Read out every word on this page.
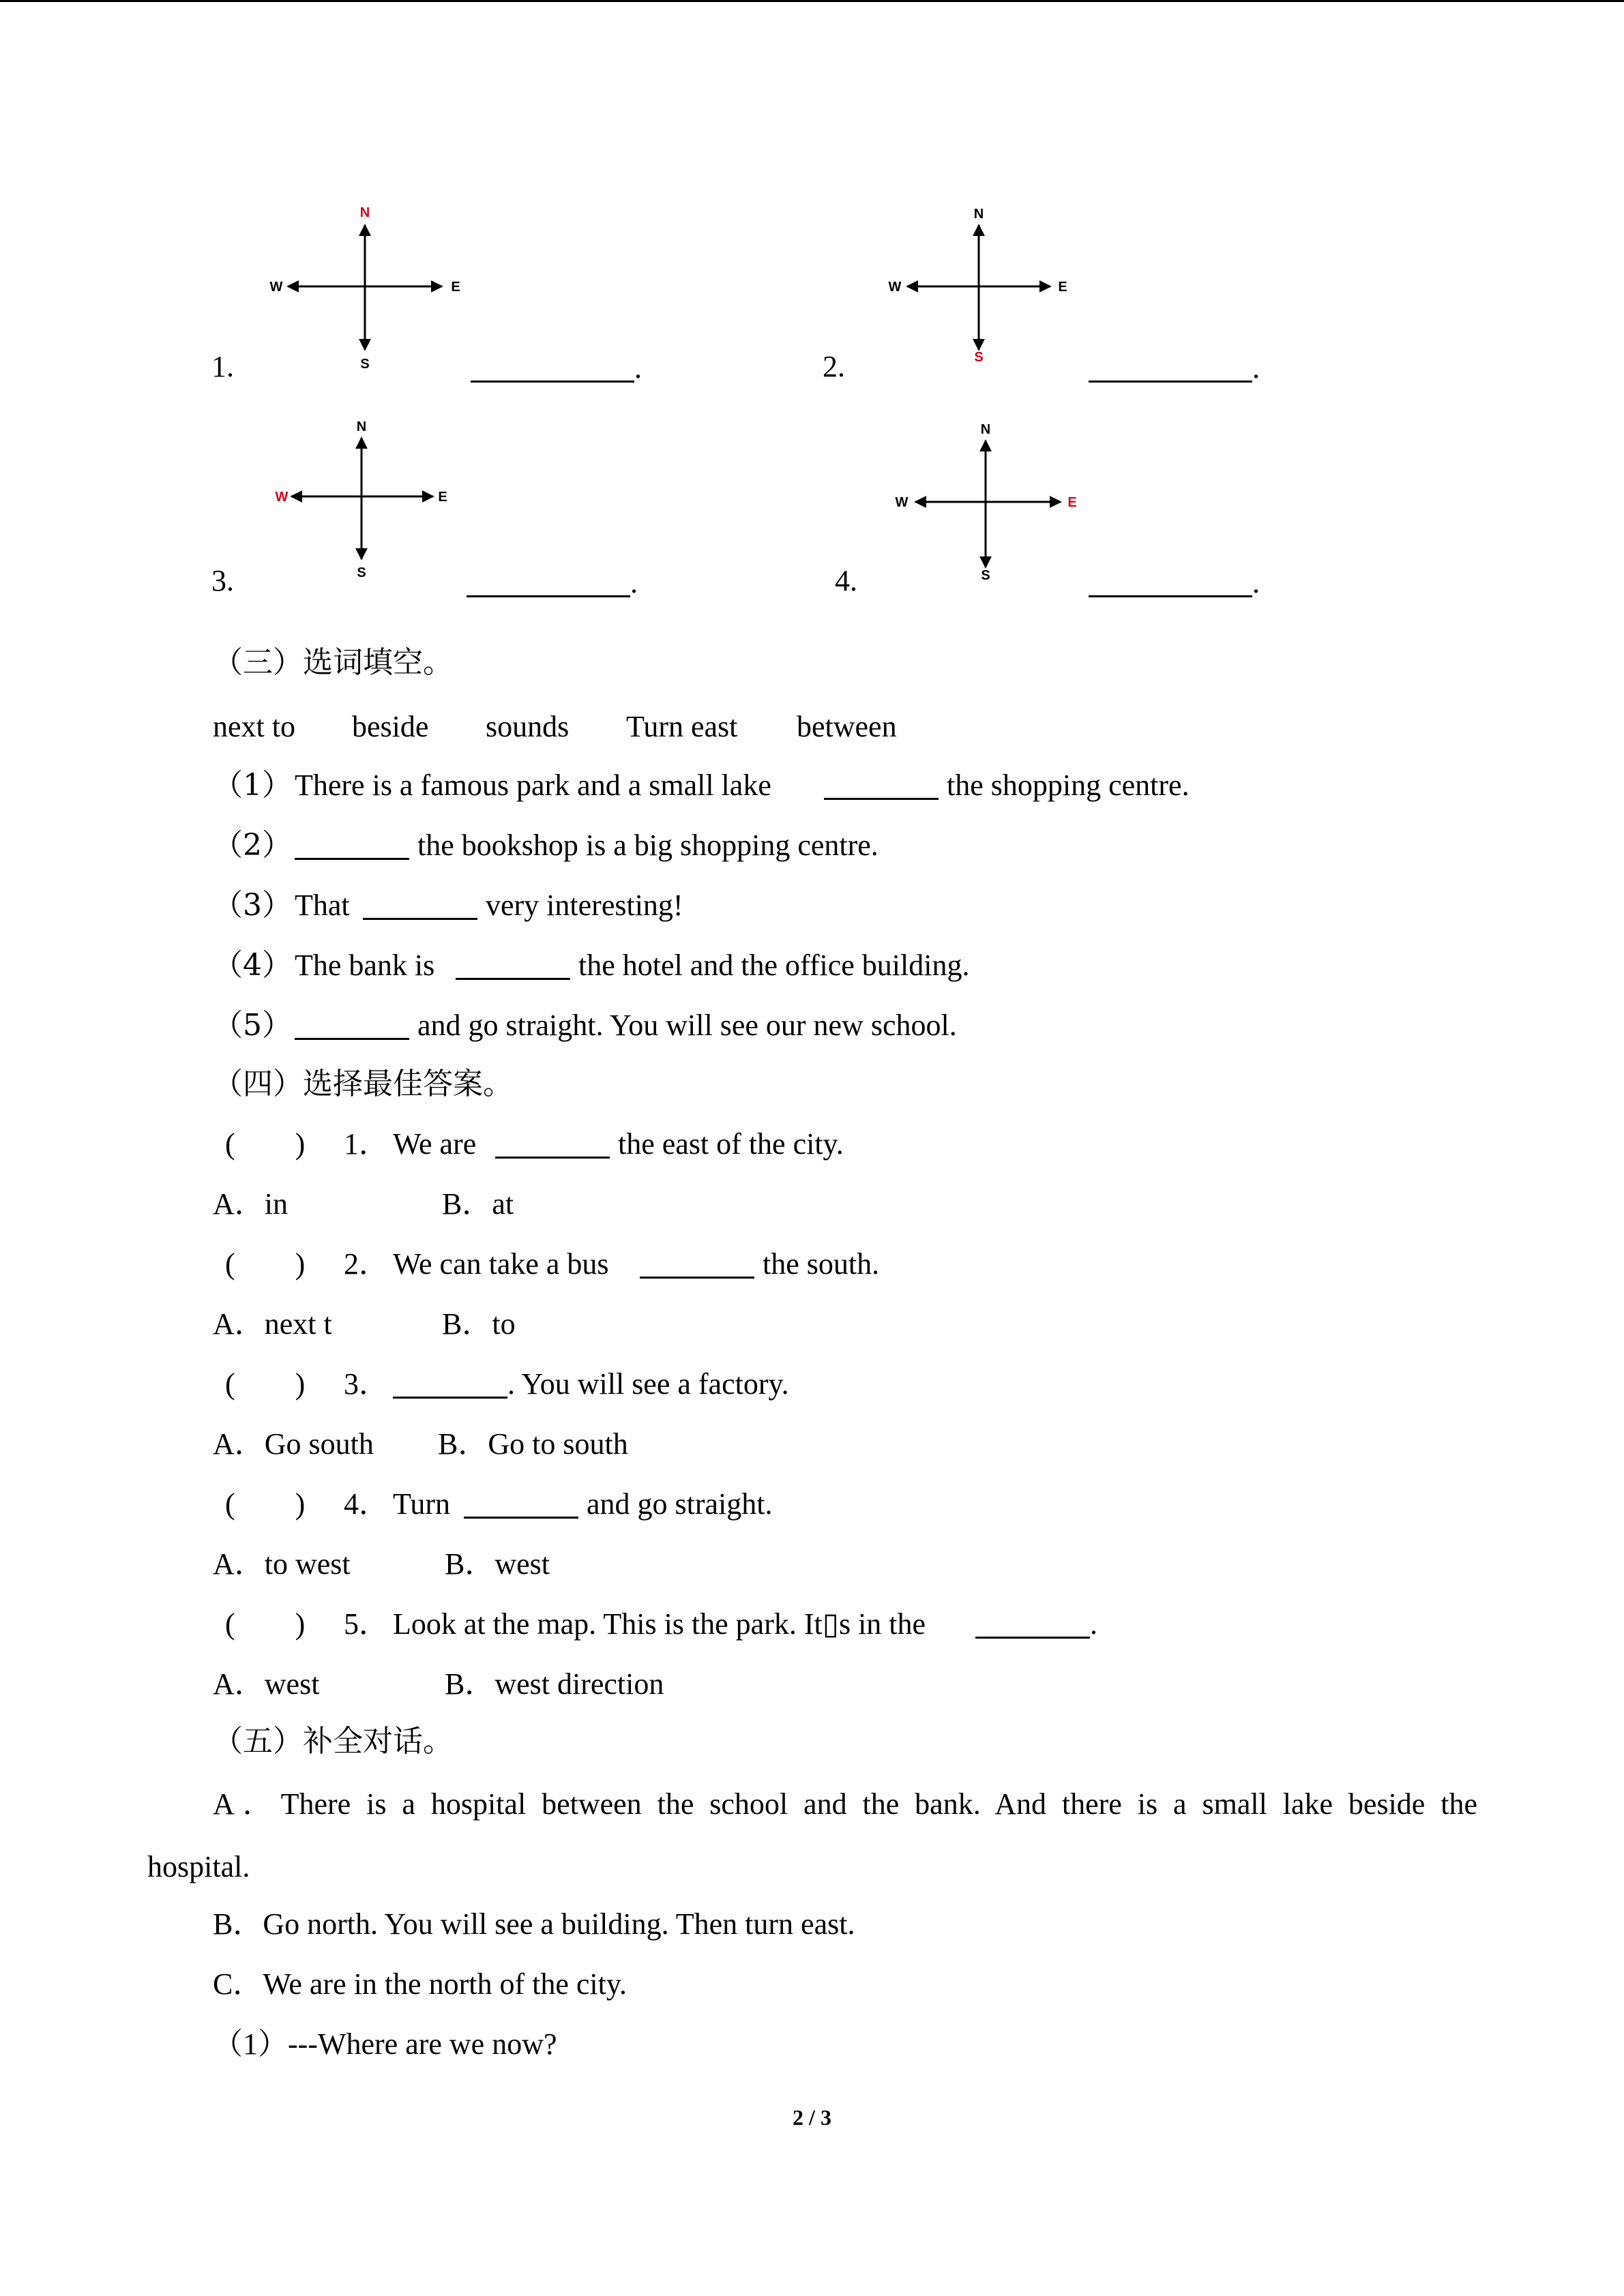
N
S
W	E
1.	.
N
S
W	E
2.	.
N
S
W	E
3.	.
N
S
W	E
4.	.
（三）选词填空。
next to beside sounds Turn east between
（1） There is a famous park and a small lake	the shopping centre.
（2）	the bookshop is a big shopping centre.
（3） That	very interesting!
（4） The bank is	the hotel and the office building.
（5）	and go straight. You will see our new school.
（四）选择最佳答案。
(        ) 1． We are	the east of the city.
A．in	B．at
(        ) 2． We can take a bus	the south.
A．next t	B．to
(        ) 3．	. You will see a factory.
A．Go south B．Go to south
(        ) 4． Turn	and go straight.
A．to west	B．west
(        ) 5． Look at the map. This is the park. It▯s in the	.
A．west	B．west direction
（五）补全对话。
A．There is a hospital between the school and the bank. And there is a small lake beside the
hospital.
B．Go north. You will see a building. Then turn east.
C．We are in the north of the city.
（1）---Where are we now?
2 / 3
